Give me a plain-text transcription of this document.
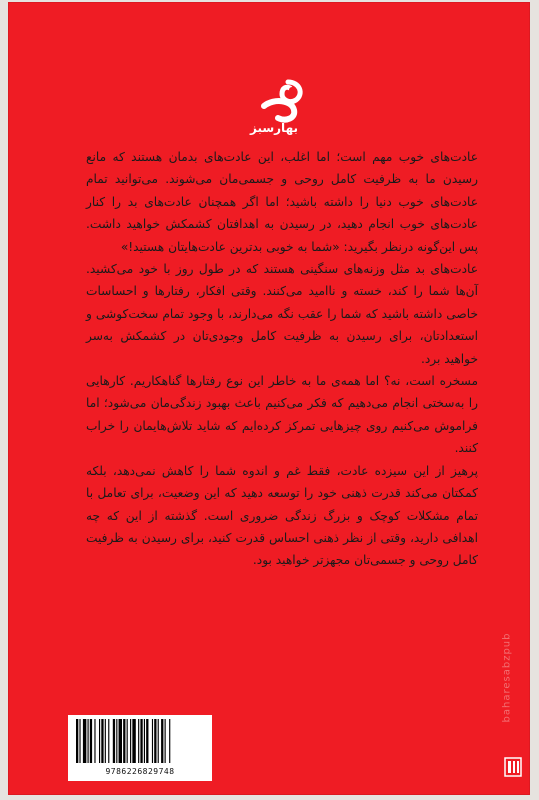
بهارسبز

عادت‌های خوب مهم است؛ اما اغلب، این عادت‌های بدمان هستند که مانع رسیدن ما به ظرفیت کامل روحی و جسمی‌مان می‌شوند. می‌توانید تمام عادت‌های خوب دنیا را داشته باشید؛ اما اگر همچنان عادت‌های بد را کنار عادت‌های خوب انجام دهید، در رسیدن به اهدافتان کشمکش خواهید داشت. پس این‌گونه درنظر بگیرید: «شما به خوبی بدترین عادت‌هایتان هستید!»

عادت‌های بد مثل وزنه‌های سنگینی هستند که در طول روز با خود می‌کشید. آن‌ها شما را کند، خسته و ناامید می‌کنند. وقتی افکار، رفتارها و احساسات خاصی داشته باشید که شما را عقب نگه می‌دارند، با وجود تمام سخت‌کوشی و استعدادتان، برای رسیدن به ظرفیت کامل وجودی‌تان در کشمکش به‌سر خواهید برد.

مسخره است، نه؟ اما همه‌ی ما به خاطر این نوع رفتارها گناهکاریم. کارهایی را به‌سختی انجام می‌دهیم که فکر می‌کنیم باعث بهبود زندگی‌مان می‌شود؛ اما فراموش می‌کنیم روی چیزهایی تمرکز کرده‌ایم که شاید تلاش‌هایمان را خراب کنند.

پرهیز از این سیزده عادت، فقط غم و اندوه شما را کاهش نمی‌دهد، بلکه کمکتان می‌کند قدرت ذهنی خود را توسعه دهید که این وضعیت، برای تعامل با تمام مشکلات کوچک و بزرگ زندگی ضروری است. گذشته از این که چه اهدافی دارید، وقتی از نظر ذهنی احساس قدرت کنید، برای رسیدن به ظرفیت کامل روحی و جسمی‌تان مجهزتر خواهید بود.

baharesabzpub
9786226829748
